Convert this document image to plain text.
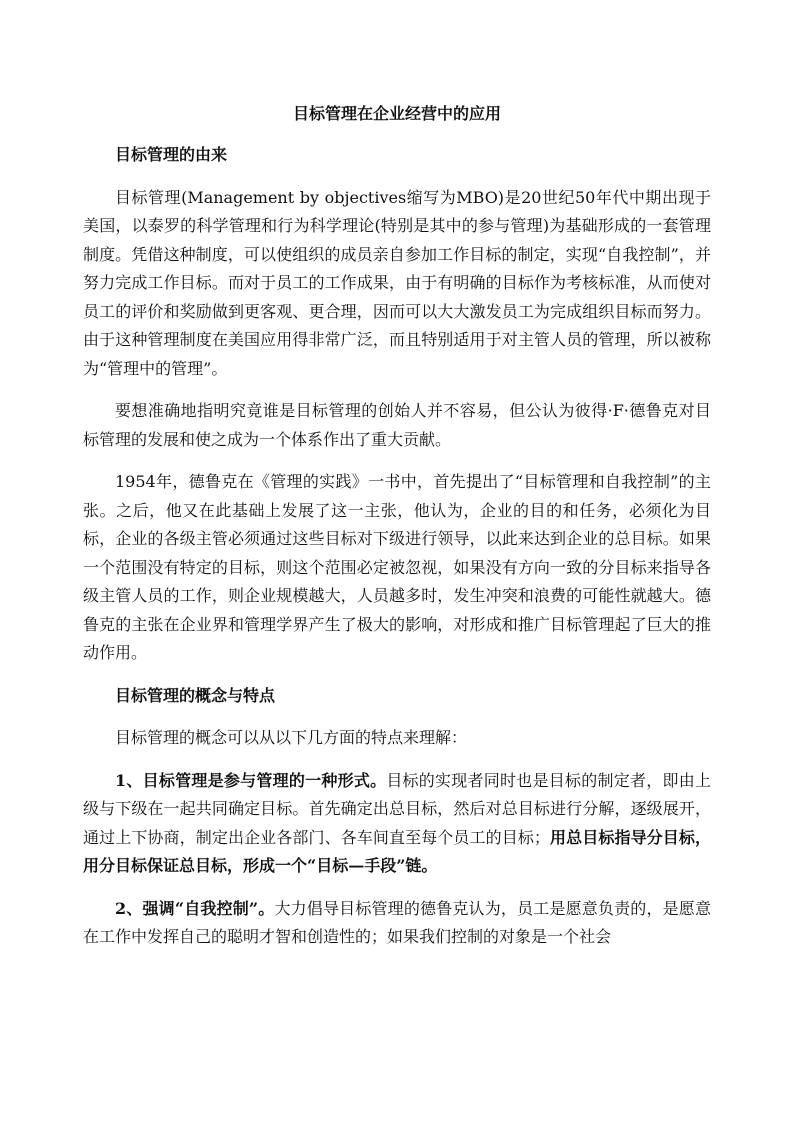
目标管理在企业经营中的应用
目标管理的由来

目标管理(Management by objectives缩写为MBO)是20世纪50年代中期出现于美国，以泰罗的科学管理和行为科学理论(特别是其中的参与管理)为基础形成的一套管理制度。凭借这种制度，可以使组织的成员亲自参加工作目标的制定，实现“自我控制”，并努力完成工作目标。而对于员工的工作成果，由于有明确的目标作为考核标准，从而使对员工的评价和奖励做到更客观、更合理，因而可以大大激发员工为完成组织目标而努力。由于这种管理制度在美国应用得非常广泛，而且特别适用于对主管人员的管理，所以被称为“管理中的管理”。

要想准确地指明究竟谁是目标管理的创始人并不容易，但公认为彼得·F·德鲁克对目标管理的发展和使之成为一个体系作出了重大贡献。

1954年，德鲁克在《管理的实践》一书中，首先提出了“目标管理和自我控制”的主张。之后，他又在此基础上发展了这一主张，他认为，企业的目的和任务，必须化为目标，企业的各级主管必须通过这些目标对下级进行领导，以此来达到企业的总目标。如果一个范围没有特定的目标，则这个范围必定被忽视，如果没有方向一致的分目标来指导各级主管人员的工作，则企业规模越大，人员越多时，发生冲突和浪费的可能性就越大。德鲁克的主张在企业界和管理学界产生了极大的影响，对形成和推广目标管理起了巨大的推动作用。

目标管理的概念与特点

目标管理的概念可以从以下几方面的特点来理解：

1、目标管理是参与管理的一种形式。目标的实现者同时也是目标的制定者，即由上级与下级在一起共同确定目标。首先确定出总目标，然后对总目标进行分解，逐级展开，通过上下协商，制定出企业各部门、各车间直至每个员工的目标；用总目标指导分目标，用分目标保证总目标，形成一个“目标—手段”链。

2、强调“自我控制”。大力倡导目标管理的德鲁克认为，员工是愿意负责的，是愿意在工作中发挥自己的聪明才智和创造性的；如果我们控制的对象是一个社会
